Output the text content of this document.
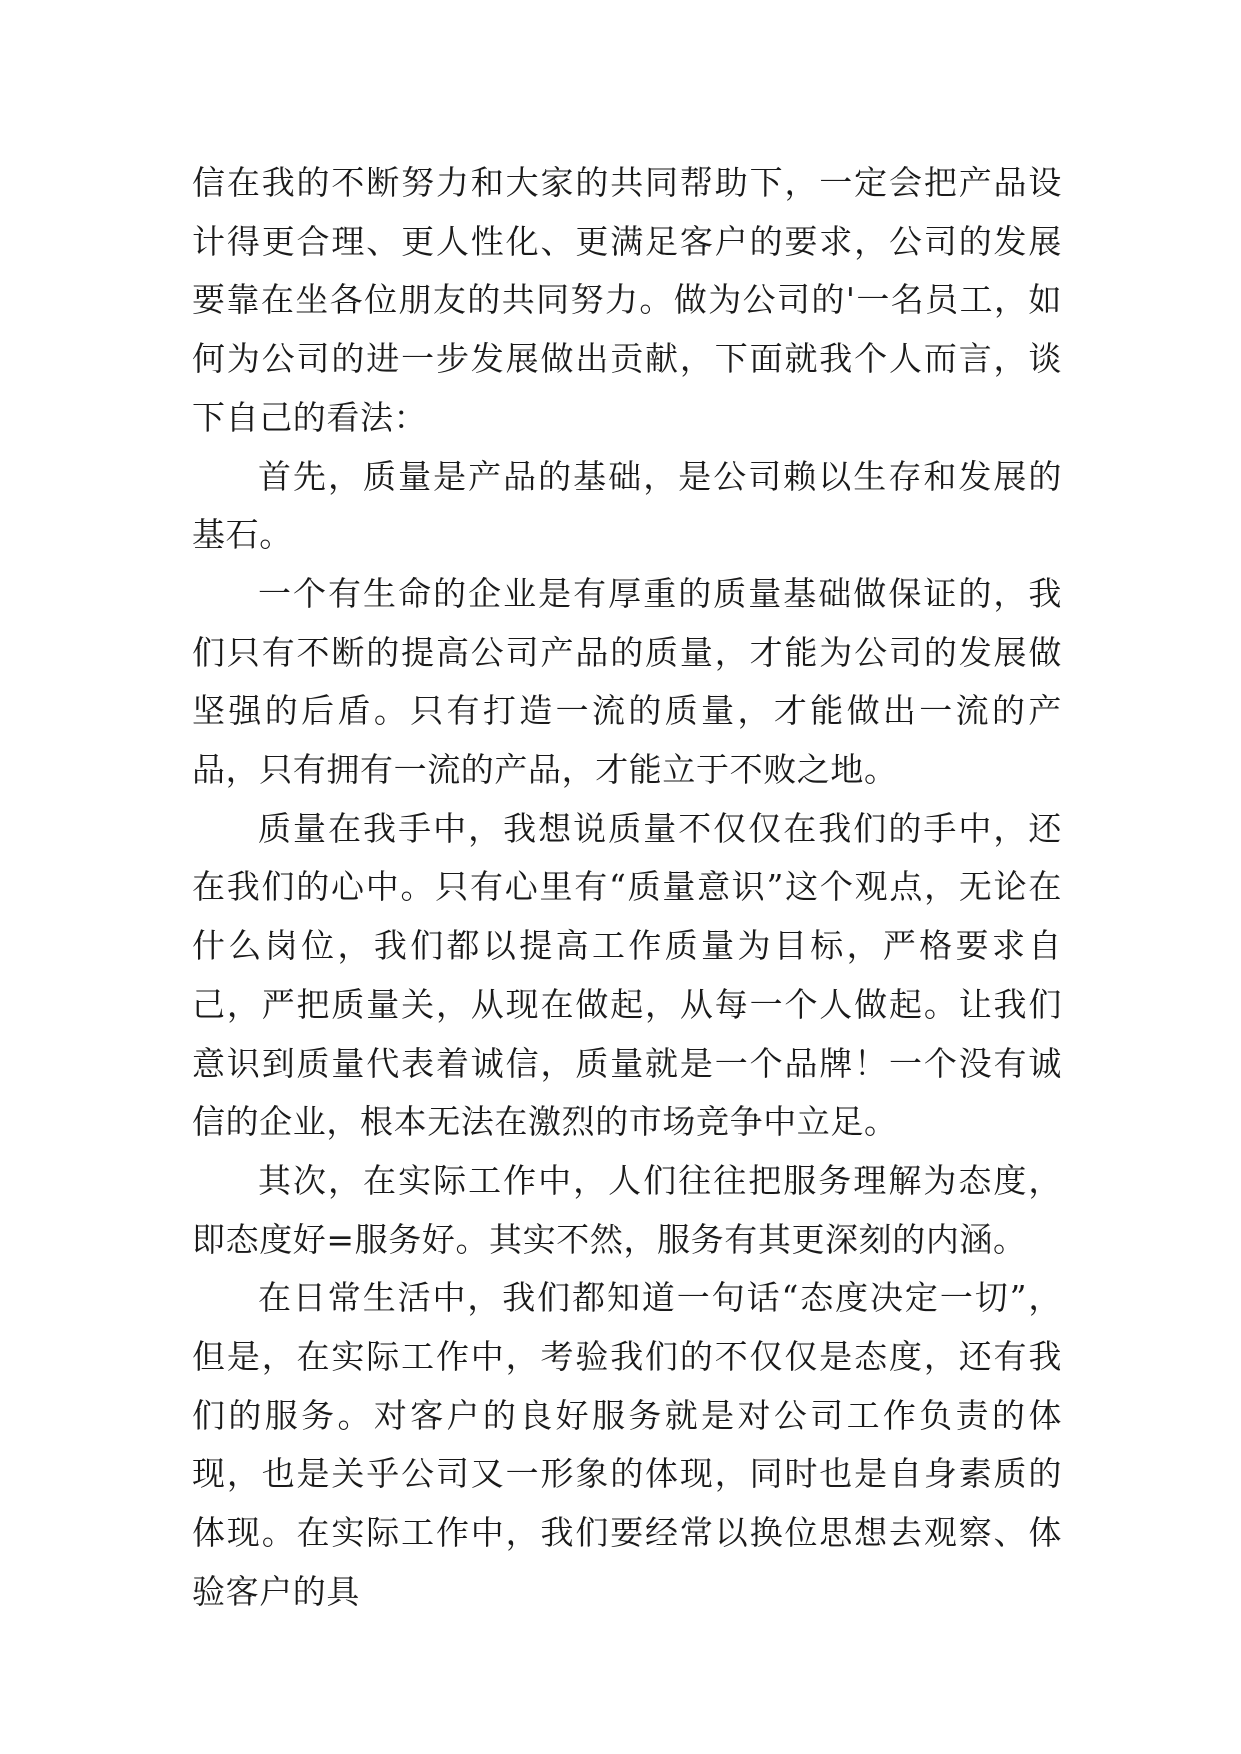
信在我的不断努力和大家的共同帮助下，一定会把产品设计得更合理、更人性化、更满足客户的要求，公司的发展要靠在坐各位朋友的共同努力。做为公司的'一名员工，如何为公司的进一步发展做出贡献，下面就我个人而言，谈下自己的看法：

首先，质量是产品的基础，是公司赖以生存和发展的基石。

一个有生命的企业是有厚重的质量基础做保证的，我们只有不断的提高公司产品的质量，才能为公司的发展做坚强的后盾。只有打造一流的质量，才能做出一流的产品，只有拥有一流的产品，才能立于不败之地。

质量在我手中，我想说质量不仅仅在我们的手中，还在我们的心中。只有心里有“质量意识”这个观点，无论在什么岗位，我们都以提高工作质量为目标，严格要求自己，严把质量关，从现在做起，从每一个人做起。让我们意识到质量代表着诚信，质量就是一个品牌！一个没有诚信的企业，根本无法在激烈的市场竞争中立足。

其次，在实际工作中，人们往往把服务理解为态度，即态度好=服务好。其实不然，服务有其更深刻的内涵。

在日常生活中，我们都知道一句话“态度决定一切”，但是，在实际工作中，考验我们的不仅仅是态度，还有我们的服务。对客户的良好服务就是对公司工作负责的体现，也是关乎公司又一形象的体现，同时也是自身素质的体现。在实际工作中，我们要经常以换位思想去观察、体验客户的具
